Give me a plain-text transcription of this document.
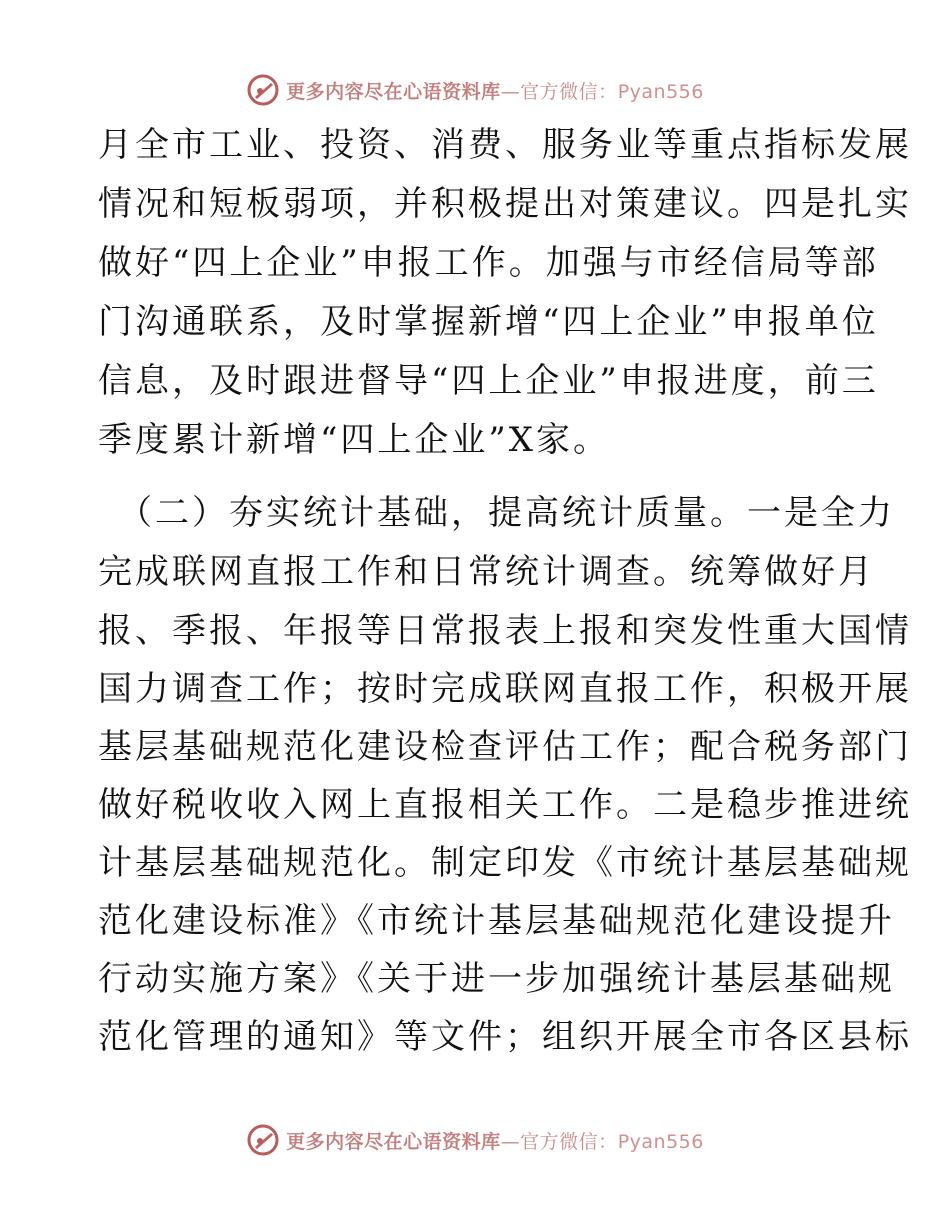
更多内容尽在心语资料库—官方微信：Pyan556
月全市工业、投资、消费、服务业等重点指标发展
情况和短板弱项，并积极提出对策建议。四是扎实
做好“四上企业”申报工作。加强与市经信局等部
门沟通联系，及时掌握新增“四上企业”申报单位
信息，及时跟进督导“四上企业”申报进度，前三
季度累计新增“四上企业”X家。
（二）夯实统计基础，提高统计质量。一是全力
完成联网直报工作和日常统计调查。统筹做好月
报、季报、年报等日常报表上报和突发性重大国情
国力调查工作；按时完成联网直报工作，积极开展
基层基础规范化建设检查评估工作；配合税务部门
做好税收收入网上直报相关工作。二是稳步推进统
计基层基础规范化。制定印发《市统计基层基础规
范化建设标准》《市统计基层基础规范化建设提升
行动实施方案》《关于进一步加强统计基层基础规
范化管理的通知》等文件；组织开展全市各区县标
更多内容尽在心语资料库—官方微信：Pyan556
